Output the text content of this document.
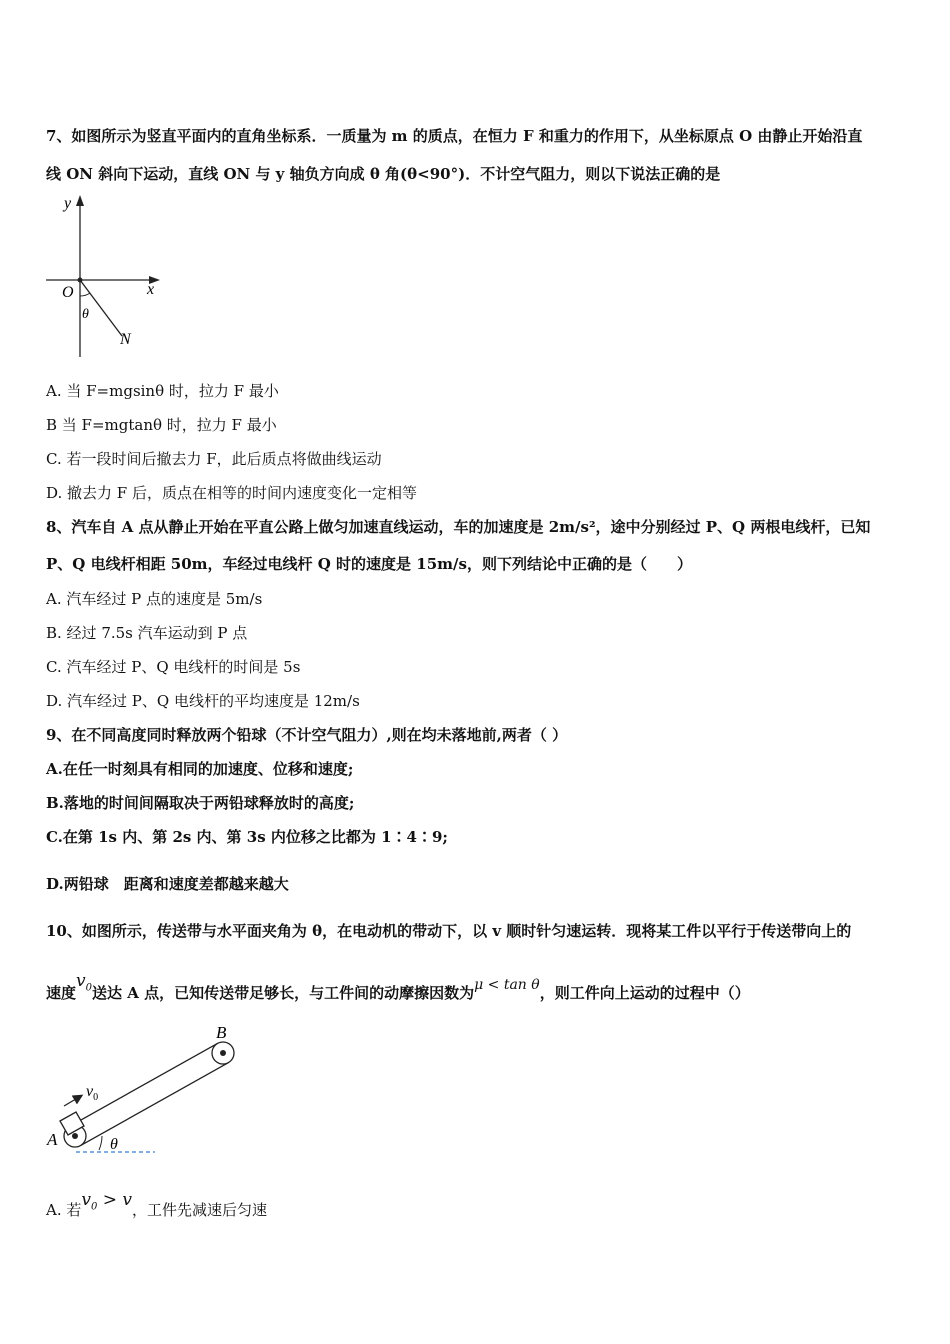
7、如图所示为竖直平面内的直角坐标系．一质量为 m 的质点，在恒力 F 和重力的作用下，从坐标原点 O 由静止开始沿直
线 ON 斜向下运动，直线 ON 与 y 轴负方向成 θ 角(θ<90°)．不计空气阻力，则以下说法正确的是
y
x
O
θ
N
A. 当 F=mgsinθ 时，拉力 F 最小
B 当 F=mgtanθ 时，拉力 F 最小
C. 若一段时间后撤去力 F，此后质点将做曲线运动
D. 撤去力 F 后，质点在相等的时间内速度变化一定相等
8、汽车自 A 点从静止开始在平直公路上做匀加速直线运动，车的加速度是 2m/s²，途中分别经过 P、Q 两根电线杆，已知
P、Q 电线杆相距 50m，车经过电线杆 Q 时的速度是 15m/s，则下列结论中正确的是（　　）
A. 汽车经过 P 点的速度是 5m/s
B. 经过 7.5s 汽车运动到 P 点
C. 汽车经过 P、Q 电线杆的时间是 5s
D. 汽车经过 P、Q 电线杆的平均速度是 12m/s
9、在不同高度同时释放两个铅球（不计空气阻力）,则在均未落地前,两者（ ）
A.在任一时刻具有相同的加速度、位移和速度;
B.落地的时间间隔取决于两铅球释放时的高度;
C.在第 1s 内、第 2s 内、第 3s 内位移之比都为 1∶4∶9;
D.两铅球　距离和速度差都越来越大
10、如图所示，传送带与水平面夹角为 θ，在电动机的带动下，以 v 顺时针匀速运转．现将某工件以平行于传送带向上的
速度$v_0$送达 A 点，已知传送带足够长，与工件间的动摩擦因数为μ < tan θ，则工件向上运动的过程中（）
B
A
$v_0$
θ
A. 若$v_0 > v$，工件先减速后匀速
